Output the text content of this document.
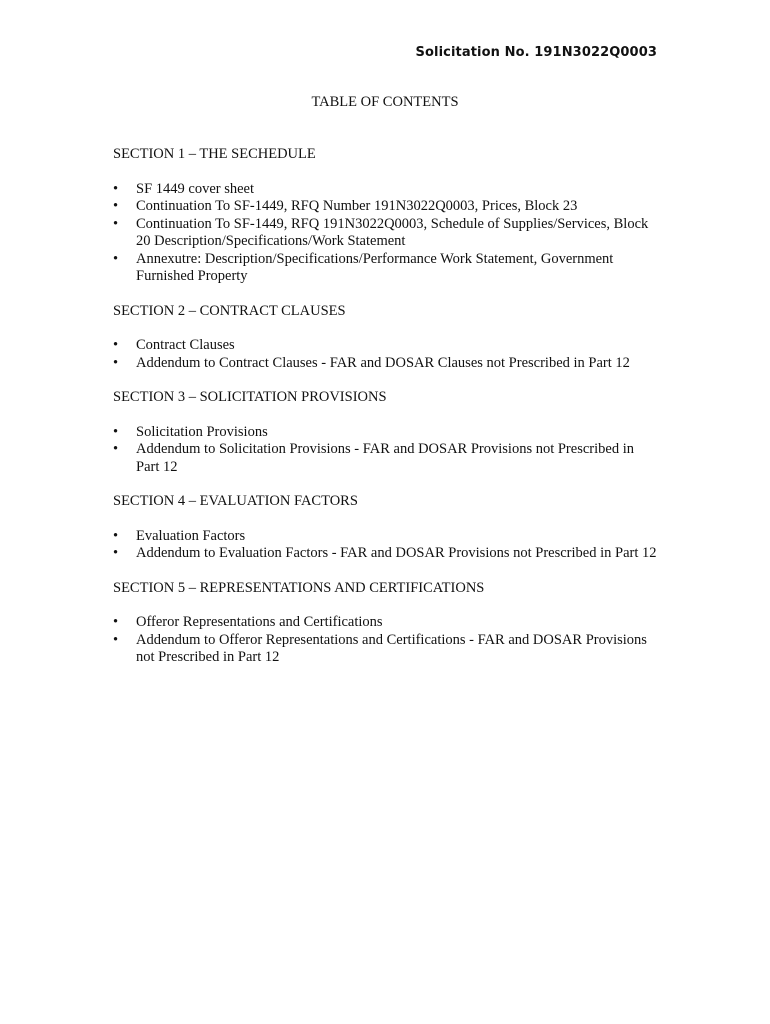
Solicitation No. 191N3022Q0003
TABLE OF CONTENTS
SECTION 1 – THE SECHEDULE
•	SF 1449 cover sheet
•	Continuation To SF-1449, RFQ Number 191N3022Q0003, Prices, Block 23
•	Continuation To SF-1449, RFQ 191N3022Q0003, Schedule of Supplies/Services, Block 20 Description/Specifications/Work Statement
•	Annexutre: Description/Specifications/Performance Work Statement, Government Furnished Property
SECTION 2 – CONTRACT CLAUSES
•	Contract Clauses
•	Addendum to Contract Clauses - FAR and DOSAR Clauses not Prescribed in Part 12
SECTION 3 – SOLICITATION PROVISIONS
•	Solicitation Provisions
•	Addendum to Solicitation Provisions - FAR and DOSAR Provisions not Prescribed in Part 12
SECTION 4 – EVALUATION FACTORS
•	Evaluation Factors
•	Addendum to Evaluation Factors - FAR and DOSAR Provisions not Prescribed in Part 12
SECTION 5 – REPRESENTATIONS AND CERTIFICATIONS
•	Offeror Representations and Certifications
•	Addendum to Offeror Representations and Certifications - FAR and DOSAR Provisions not Prescribed in Part 12
